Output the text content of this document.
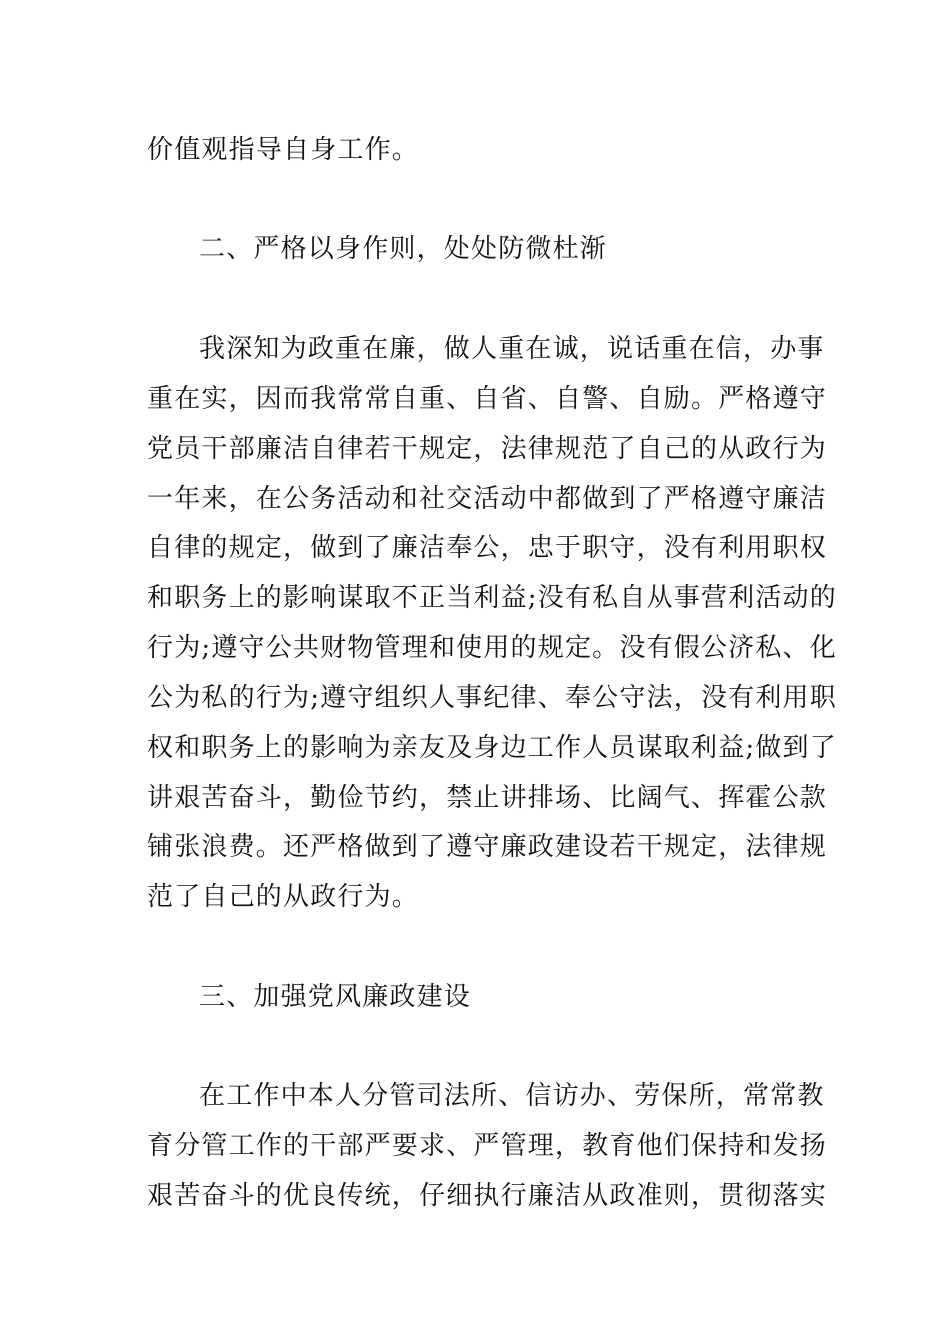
价值观指导自身工作。
二、严格以身作则，处处防微杜渐
我深知为政重在廉，做人重在诚，说话重在信，办事
重在实，因而我常常自重、自省、自警、自励。严格遵守
党员干部廉洁自律若干规定，法律规范了自己的从政行为
一年来，在公务活动和社交活动中都做到了严格遵守廉洁
自律的规定，做到了廉洁奉公，忠于职守，没有利用职权
和职务上的影响谋取不正当利益;没有私自从事营利活动的
行为;遵守公共财物管理和使用的规定。没有假公济私、化
公为私的行为;遵守组织人事纪律、奉公守法，没有利用职
权和职务上的影响为亲友及身边工作人员谋取利益;做到了
讲艰苦奋斗，勤俭节约，禁止讲排场、比阔气、挥霍公款
铺张浪费。还严格做到了遵守廉政建设若干规定，法律规
范了自己的从政行为。
三、加强党风廉政建设
在工作中本人分管司法所、信访办、劳保所，常常教
育分管工作的干部严要求、严管理，教育他们保持和发扬
艰苦奋斗的优良传统，仔细执行廉洁从政准则，贯彻落实
